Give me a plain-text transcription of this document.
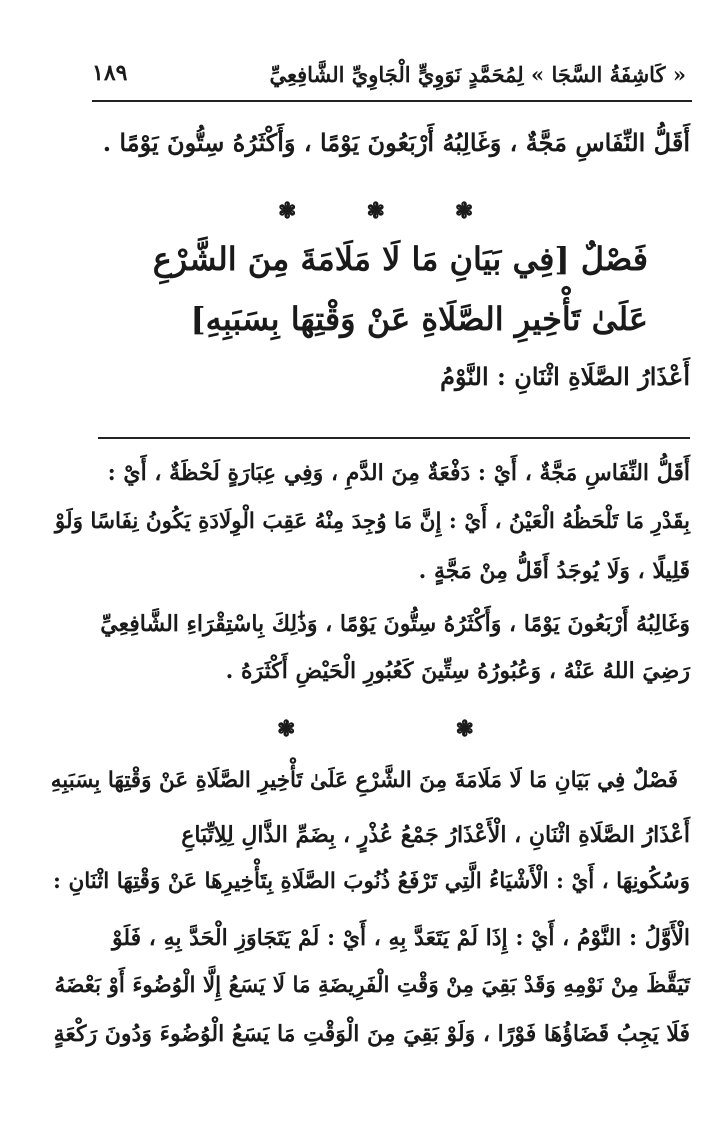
« كَاشِفَةُ السَّجَا » لِمُحَمَّدٍ نَوَوِيٍّ الْجَاوِيِّ الشَّافِعِيِّ
١٨٩
أَقَلُّ النِّفَاسِ مَجَّةٌ ، وَغَالِبُهُ أَرْبَعُونَ يَوْمًا ، وَأَكْثَرُهُ سِتُّونَ يَوْمًا .
❃	❃	❃
فَصْلٌ [فِي بَيَانِ مَا لَا مَلَامَةَ مِنَ الشَّرْعِ
عَلَىٰ تَأْخِيرِ الصَّلَاةِ عَنْ وَقْتِهَا بِسَبَبِهِ]
أَعْذَارُ الصَّلَاةِ اثْنَانِ : النَّوْمُ
أَقَلُّ النِّفَاسِ مَجَّةٌ ، أَيْ : دَفْعَةٌ مِنَ الدَّمِ ، وَفِي عِبَارَةٍ لَحْظَةٌ ، أَيْ :
بِقَدْرِ مَا تَلْحَظُهُ الْعَيْنُ ، أَيْ : إِنَّ مَا وُجِدَ مِنْهُ عَقِبَ الْوِلَادَةِ يَكُونُ نِفَاسًا وَلَوْ
قَلِيلًا ، وَلَا يُوجَدُ أَقَلُّ مِنْ مَجَّةٍ .
وَغَالِبُهُ أَرْبَعُونَ يَوْمًا ، وَأَكْثَرُهُ سِتُّونَ يَوْمًا ، وَذَٰلِكَ بِاسْتِقْرَاءِ الشَّافِعِيِّ
رَضِيَ اللهُ عَنْهُ ، وَعُبُورُهُ سِتِّينَ كَعُبُورِ الْحَيْضِ أَكْثَرَهُ .
❃	❃
فَصْلٌ فِي بَيَانِ مَا لَا مَلَامَةَ مِنَ الشَّرْعِ عَلَىٰ تَأْخِيرِ الصَّلَاةِ عَنْ وَقْتِهَا بِسَبَبِهِ
أَعْذَارُ الصَّلَاةِ اثْنَانِ ، الْأَعْذَارُ جَمْعُ عُذْرٍ ، بِضَمِّ الذَّالِ لِلِاتِّبَاعِ
وَسُكُونِهَا ، أَيْ : الْأَشْيَاءُ الَّتِي تَرْفَعُ ذُنُوبَ الصَّلَاةِ بِتَأْخِيرِهَا عَنْ وَقْتِهَا اثْنَانِ :
الْأَوَّلُ : النَّوْمُ ، أَيْ : إِذَا لَمْ يَتَعَدَّ بِهِ ، أَيْ : لَمْ يَتَجَاوَزِ الْحَدَّ بِهِ ، فَلَوْ
تَيَقَّظَ مِنْ نَوْمِهِ وَقَدْ بَقِيَ مِنْ وَقْتِ الْفَرِيضَةِ مَا لَا يَسَعُ إِلَّا الْوُضُوءَ أَوْ بَعْضَهُ
فَلَا يَجِبُ قَضَاؤُهَا فَوْرًا ، وَلَوْ بَقِيَ مِنَ الْوَقْتِ مَا يَسَعُ الْوُضُوءَ وَدُونَ رَكْعَةٍ
